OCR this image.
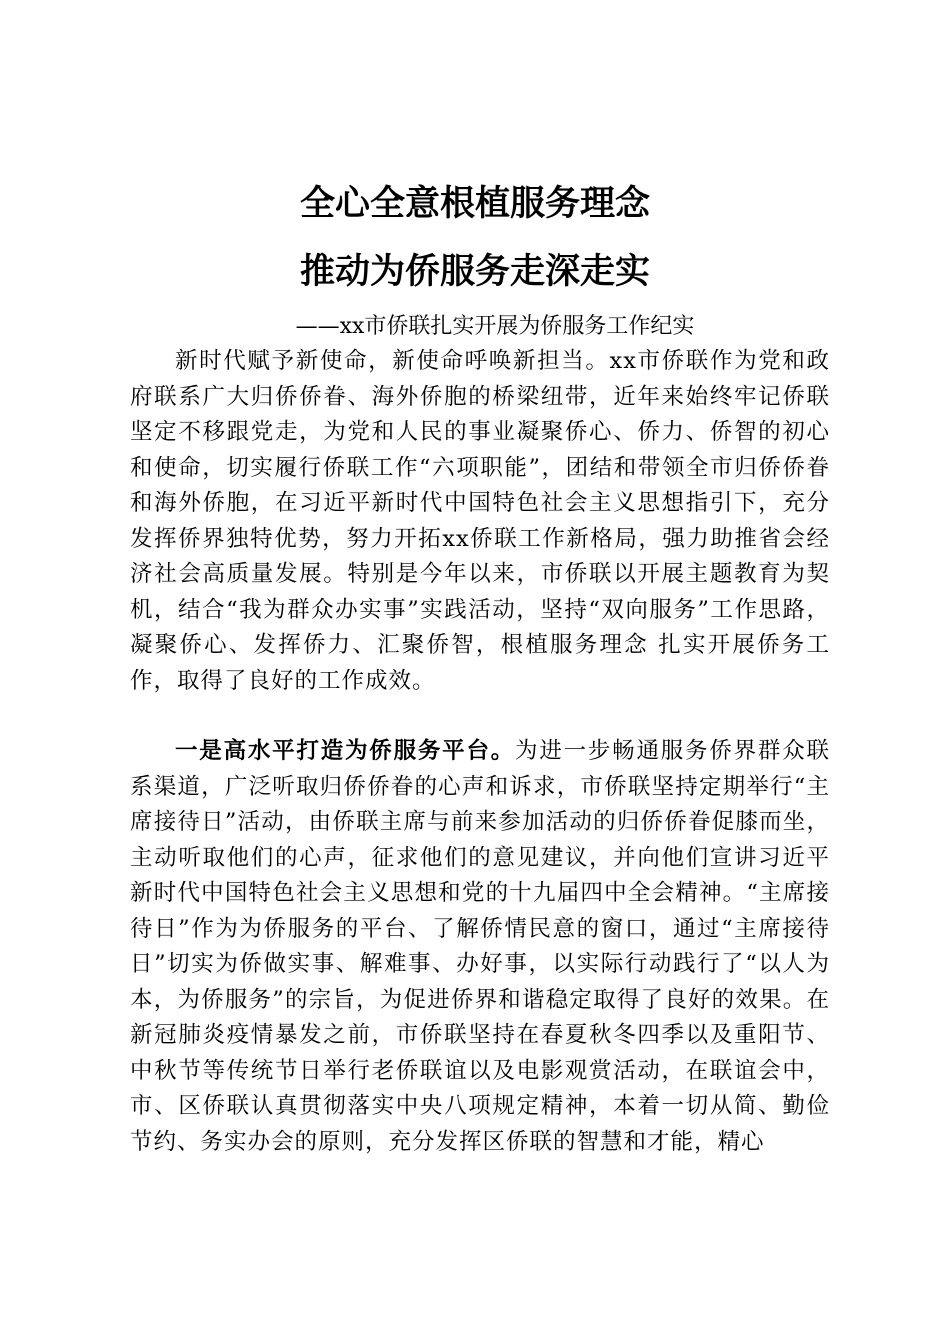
全心全意根植服务理念
推动为侨服务走深走实

——xx市侨联扎实开展为侨服务工作纪实

新时代赋予新使命，新使命呼唤新担当。xx市侨联作为党和政府联系广大归侨侨眷、海外侨胞的桥梁纽带，近年来始终牢记侨联坚定不移跟党走，为党和人民的事业凝聚侨心、侨力、侨智的初心和使命，切实履行侨联工作“六项职能”，团结和带领全市归侨侨眷和海外侨胞，在习近平新时代中国特色社会主义思想指引下，充分发挥侨界独特优势，努力开拓xx侨联工作新格局，强力助推省会经济社会高质量发展。特别是今年以来，市侨联以开展主题教育为契机，结合“我为群众办实事”实践活动，坚持“双向服务”工作思路，凝聚侨心、发挥侨力、汇聚侨智，根植服务理念 扎实开展侨务工作，取得了良好的工作成效。

一是高水平打造为侨服务平台。为进一步畅通服务侨界群众联系渠道，广泛听取归侨侨眷的心声和诉求，市侨联坚持定期举行“主席接待日”活动，由侨联主席与前来参加活动的归侨侨眷促膝而坐，主动听取他们的心声，征求他们的意见建议，并向他们宣讲习近平新时代中国特色社会主义思想和党的十九届四中全会精神。“主席接待日”作为为侨服务的平台、了解侨情民意的窗口，通过“主席接待日”切实为侨做实事、解难事、办好事，以实际行动践行了“以人为本，为侨服务”的宗旨，为促进侨界和谐稳定取得了良好的效果。在新冠肺炎疫情暴发之前，市侨联坚持在春夏秋冬四季以及重阳节、中秋节等传统节日举行老侨联谊以及电影观赏活动，在联谊会中，市、区侨联认真贯彻落实中央八项规定精神，本着一切从简、勤俭节约、务实办会的原则，充分发挥区侨联的智慧和才能，精心
